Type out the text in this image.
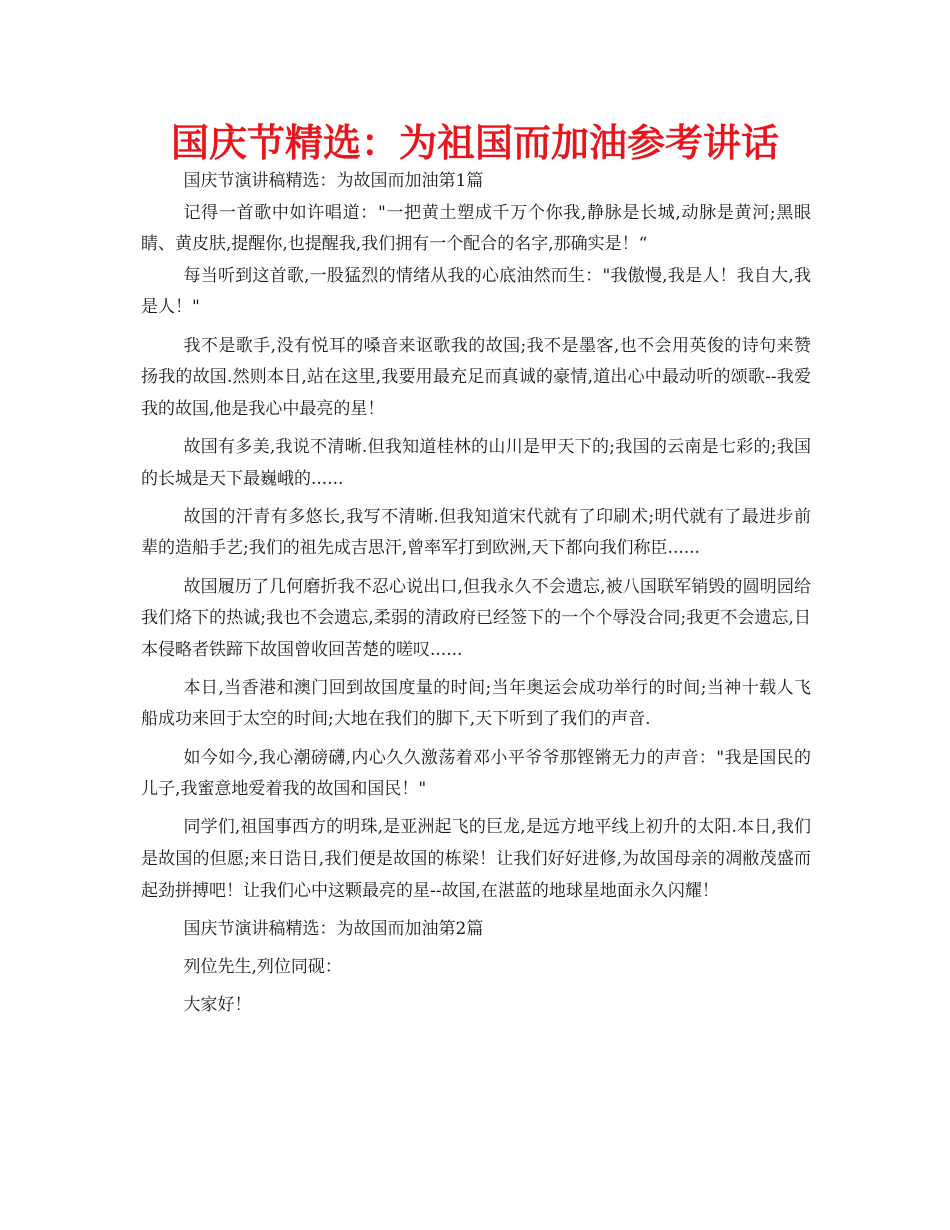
国庆节精选：为祖国而加油参考讲话

国庆节演讲稿精选：为故国而加油第1篇

记得一首歌中如许唱道："一把黄土塑成千万个你我,静脉是长城,动脉是黄河;黑眼睛、黄皮肤,提醒你,也提醒我,我们拥有一个配合的名字,那确实是！“

每当听到这首歌,一股猛烈的情绪从我的心底油然而生："我傲慢,我是人！我自大,我是人！"

我不是歌手,没有悦耳的嗓音来讴歌我的故国;我不是墨客,也不会用英俊的诗句来赞扬我的故国.然则本日,站在这里,我要用最充足而真诚的豪情,道出心中最动听的颂歌--我爱我的故国,他是我心中最亮的星！

故国有多美,我说不清晰.但我知道桂林的山川是甲天下的;我国的云南是七彩的;我国的长城是天下最巍峨的......

故国的汗青有多悠长,我写不清晰.但我知道宋代就有了印刷术;明代就有了最进步前辈的造船手艺;我们的祖先成吉思汗,曾率军打到欧洲,天下都向我们称臣......

故国履历了几何磨折我不忍心说出口,但我永久不会遗忘,被八国联军销毁的圆明园给我们烙下的热诚;我也不会遗忘,柔弱的清政府已经签下的一个个辱没合同;我更不会遗忘,日本侵略者铁蹄下故国曾收回苦楚的嗟叹......

本日,当香港和澳门回到故国度量的时间;当年奥运会成功举行的时间;当神十载人飞船成功来回于太空的时间;大地在我们的脚下,天下听到了我们的声音.

如今如今,我心潮磅礴,内心久久激荡着邓小平爷爷那铿锵无力的声音："我是国民的儿子,我蜜意地爱着我的故国和国民！"

同学们,祖国事西方的明珠,是亚洲起飞的巨龙,是远方地平线上初升的太阳.本日,我们是故国的但愿;来日诰日,我们便是故国的栋梁！让我们好好进修,为故国母亲的凋敝茂盛而起劲拼搏吧！让我们心中这颗最亮的星--故国,在湛蓝的地球星地面永久闪耀！

国庆节演讲稿精选：为故国而加油第2篇

列位先生,列位同砚：

大家好！
